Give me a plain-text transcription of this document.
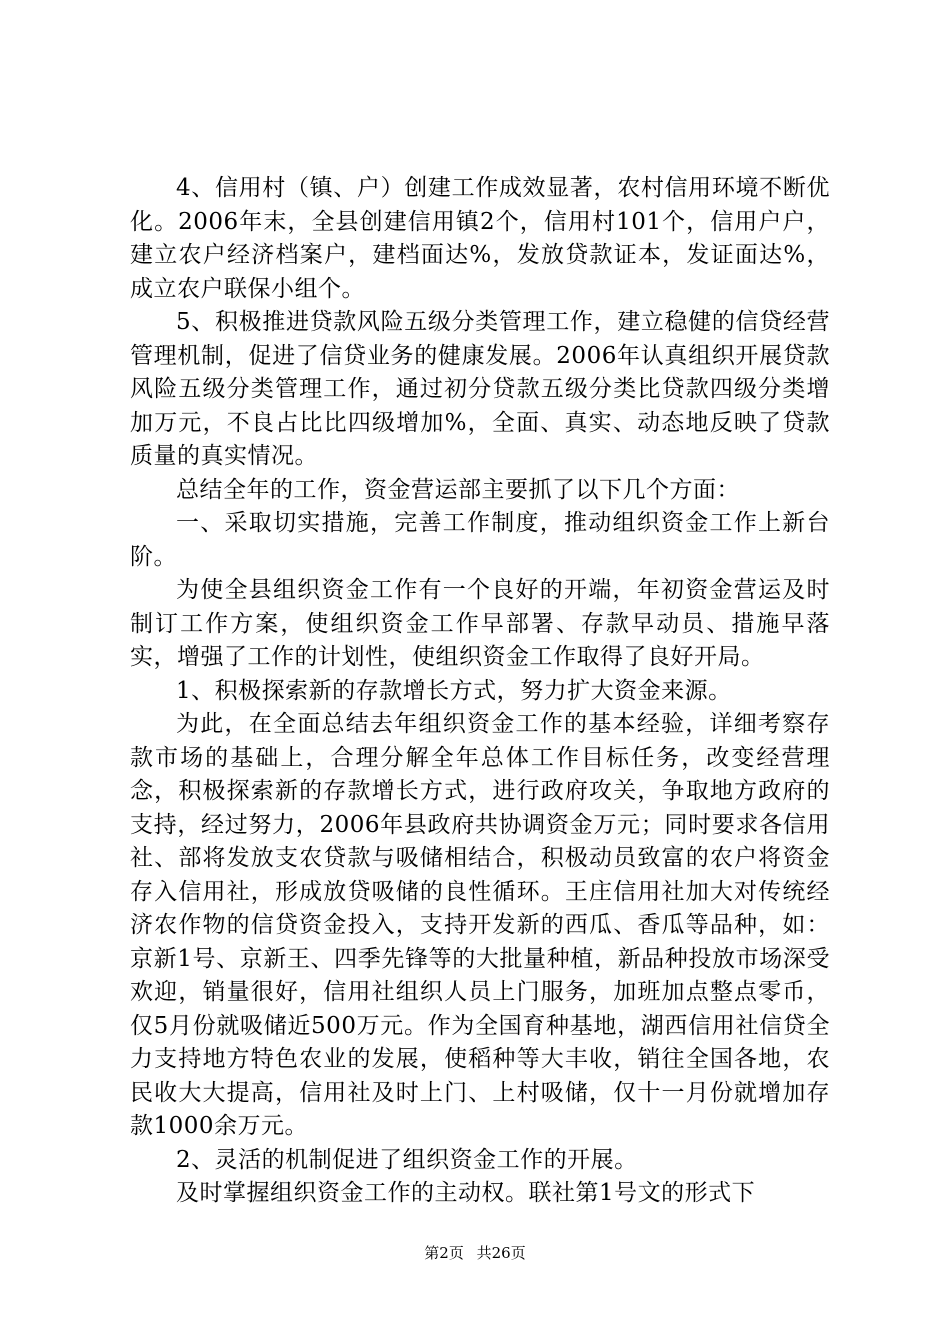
4、信用村（镇、户）创建工作成效显著，农村信用环境不断优化。2006年末，全县创建信用镇2个，信用村101个，信用户户，建立农户经济档案户，建档面达%，发放贷款证本，发证面达%，成立农户联保小组个。

5、积极推进贷款风险五级分类管理工作，建立稳健的信贷经营管理机制，促进了信贷业务的健康发展。2006年认真组织开展贷款风险五级分类管理工作，通过初分贷款五级分类比贷款四级分类增加万元，不良占比比四级增加%，全面、真实、动态地反映了贷款质量的真实情况。

总结全年的工作，资金营运部主要抓了以下几个方面：

一、采取切实措施，完善工作制度，推动组织资金工作上新台阶。

为使全县组织资金工作有一个良好的开端，年初资金营运及时制订工作方案，使组织资金工作早部署、存款早动员、措施早落实，增强了工作的计划性，使组织资金工作取得了良好开局。

1、积极探索新的存款增长方式，努力扩大资金来源。

为此，在全面总结去年组织资金工作的基本经验，详细考察存款市场的基础上，合理分解全年总体工作目标任务，改变经营理念，积极探索新的存款增长方式，进行政府攻关，争取地方政府的支持，经过努力，2006年县政府共协调资金万元；同时要求各信用社、部将发放支农贷款与吸储相结合，积极动员致富的农户将资金存入信用社，形成放贷吸储的良性循环。王庄信用社加大对传统经济农作物的信贷资金投入，支持开发新的西瓜、香瓜等品种，如：京新1号、京新王、四季先锋等的大批量种植，新品种投放市场深受欢迎，销量很好，信用社组织人员上门服务，加班加点整点零币，仅5月份就吸储近500万元。作为全国育种基地，湖西信用社信贷全力支持地方特色农业的发展，使稻种等大丰收，销往全国各地，农民收大大提高，信用社及时上门、上村吸储，仅十一月份就增加存款1000余万元。

2、灵活的机制促进了组织资金工作的开展。

及时掌握组织资金工作的主动权。联社第1号文的形式下

第2页 共26页
